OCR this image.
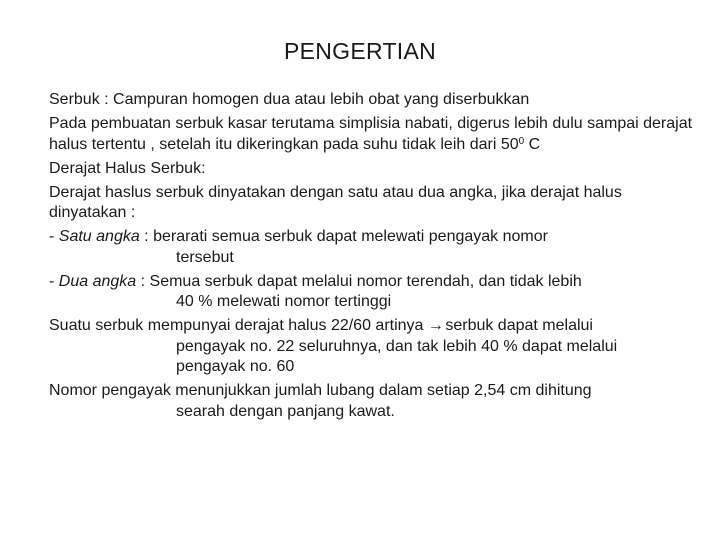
PENGERTIAN

Serbuk : Campuran homogen dua atau lebih obat yang diserbukkan

Pada pembuatan serbuk kasar terutama simplisia nabati, digerus lebih dulu sampai derajat halus tertentu , setelah itu dikeringkan pada suhu tidak leih dari $50^0$ C

Derajat Halus Serbuk:

Derajat haslus serbuk dinyatakan dengan satu atau dua angka, jika derajat halus dinyatakan :

- Satu angka : berarati semua serbuk dapat melewati pengayak nomor
tersebut
- Dua angka : Semua serbuk dapat melalui nomor terendah, dan tidak lebih
40 % melewati nomor tertinggi
Suatu serbuk mempunyai derajat halus 22/60 artinya → serbuk dapat melalui
pengayak no. 22 seluruhnya, dan tak lebih 40 % dapat melalui
pengayak no. 60
Nomor pengayak menunjukkan jumlah lubang dalam setiap 2,54 cm dihitung
searah dengan panjang kawat.
